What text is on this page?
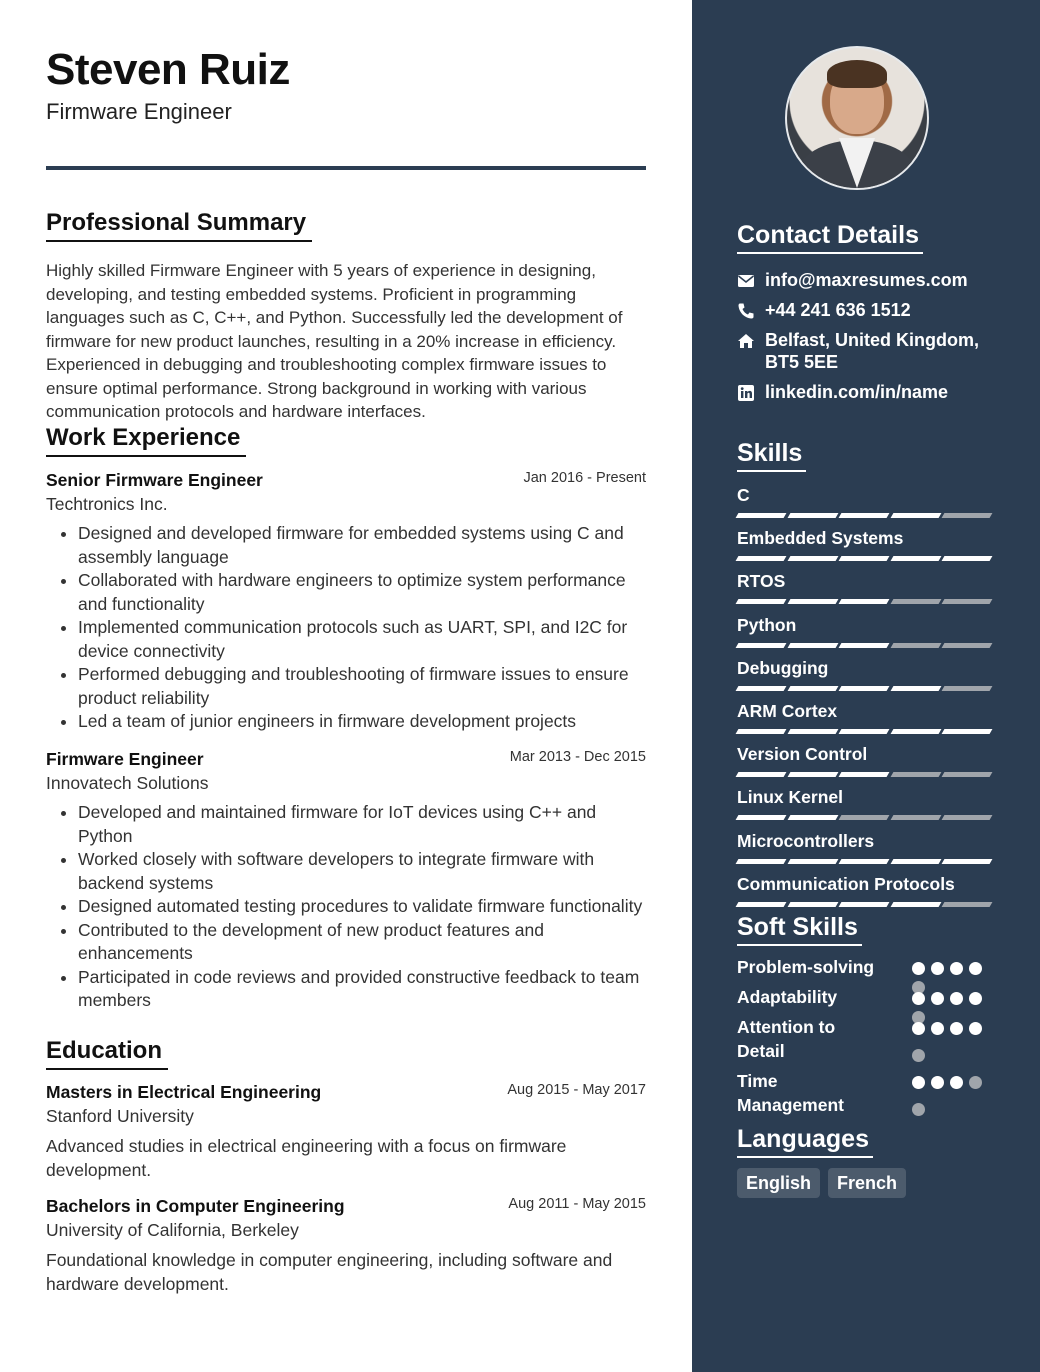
Steven Ruiz
Firmware Engineer
Professional Summary

Highly skilled Firmware Engineer with 5 years of experience in designing, developing, and testing embedded systems. Proficient in programming languages such as C, C++, and Python. Successfully led the development of firmware for new product launches, resulting in a 20% increase in efficiency. Experienced in debugging and troubleshooting complex firmware issues to ensure optimal performance. Strong background in working with various communication protocols and hardware interfaces.

Work Experience
Senior Firmware Engineer	Jan 2016 - Present
Techtronics Inc.
• Designed and developed firmware for embedded systems using C and assembly language
• Collaborated with hardware engineers to optimize system performance and functionality
• Implemented communication protocols such as UART, SPI, and I2C for device connectivity
• Performed debugging and troubleshooting of firmware issues to ensure product reliability
• Led a team of junior engineers in firmware development projects
Firmware Engineer	Mar 2013 - Dec 2015
Innovatech Solutions
• Developed and maintained firmware for IoT devices using C++ and Python
• Worked closely with software developers to integrate firmware with backend systems
• Designed automated testing procedures to validate firmware functionality
• Contributed to the development of new product features and enhancements
• Participated in code reviews and provided constructive feedback to team members
Education
Masters in Electrical Engineering	Aug 2015 - May 2017
Stanford University
Advanced studies in electrical engineering with a focus on firmware development.
Bachelors in Computer Engineering	Aug 2011 - May 2015
University of California, Berkeley
Foundational knowledge in computer engineering, including software and hardware development.
Contact Details
info@maxresumes.com
+44 241 636 1512
Belfast, United Kingdom,
BT5 5EE
linkedin.com/in/name
Skills
C
Embedded Systems
RTOS
Python
Debugging
ARM Cortex
Version Control
Linux Kernel
Microcontrollers
Communication Protocols
Soft Skills
Problem-solving
Adaptability
Attention to Detail
Time Management
Languages
English	French
